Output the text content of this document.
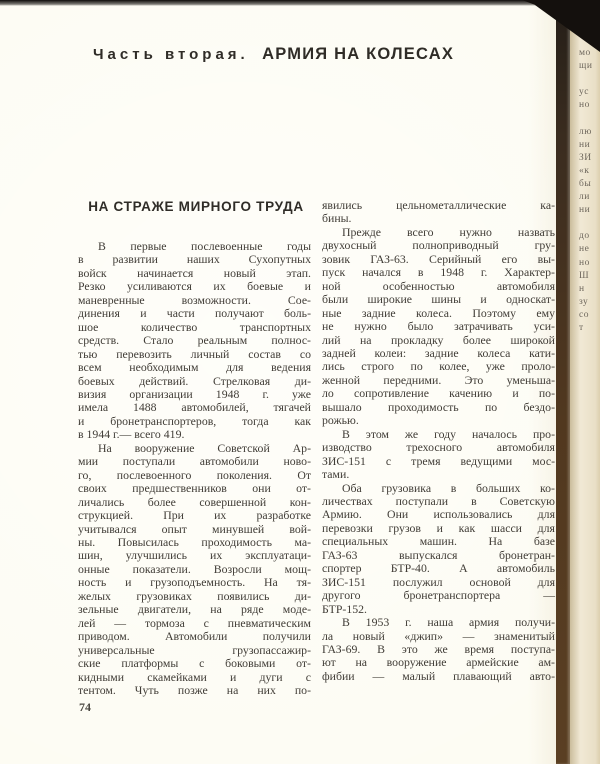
Часть вторая. АРМИЯ НА КОЛЕСАХ
НА СТРАЖЕ МИРНОГО ТРУДА
В первые послевоенные годы
в развитии наших Сухопутных
войск начинается новый этап.
Резко усиливаются их боевые и
маневренные возможности. Сое-
динения и части получают боль-
шое количество транспортных
средств. Стало реальным полнос-
тью перевозить личный состав со
всем необходимым для ведения
боевых действий. Стрелковая ди-
визия организации 1948 г. уже
имела 1488 автомобилей, тягачей
и бронетранспортеров, тогда как
в 1944 г.— всего 419.
На вооружение Советской Ар-
мии поступали автомобили ново-
го, послевоенного поколения. От
своих предшественников они от-
личались более совершенной кон-
струкцией. При их разработке
учитывался опыт минувшей вой-
ны. Повысилась проходимость ма-
шин, улучшились их эксплуатаци-
онные показатели. Возросли мощ-
ность и грузоподъемность. На тя-
желых грузовиках появились ди-
зельные двигатели, на ряде моде-
лей — тормоза с пневматическим
приводом. Автомобили получили
универсальные грузопассажир-
ские платформы с боковыми от-
кидными скамейками и дуги с
тентом. Чуть позже на них по-
явились цельнометаллические ка-
бины.
Прежде всего нужно назвать
двухосный полноприводный гру-
зовик ГАЗ-63. Серийный его вы-
пуск начался в 1948 г. Характер-
ной особенностью автомобиля
были широкие шины и односкат-
ные задние колеса. Поэтому ему
не нужно было затрачивать уси-
лий на прокладку более широкой
задней колеи: задние колеса кати-
лись строго по колее, уже проло-
женной передними. Это уменьша-
ло сопротивление качению и по-
вышало проходимость по бездо-
рожью.
В этом же году началось про-
изводство трехосного автомобиля
ЗИС-151 с тремя ведущими мос-
тами.
Оба грузовика в больших ко-
личествах поступали в Советскую
Армию. Они использовались для
перевозки грузов и как шасси для
специальных машин. На базе
ГАЗ-63 выпускался бронетран-
спортер БТР-40. А автомобиль
ЗИС-151 послужил основой для
другого бронетранспортера —
БТР-152.
В 1953 г. наша армия получи-
ла новый «джип» — знаменитый
ГАЗ-69. В это же время поступа-
ют на вооружение армейские ам-
фибии — малый плавающий авто-
74
мо
щи
ус
но
лю
ни
ЗИ
«к
бы
ли
ни
до
не
но
Ш
н
зу
со
т
